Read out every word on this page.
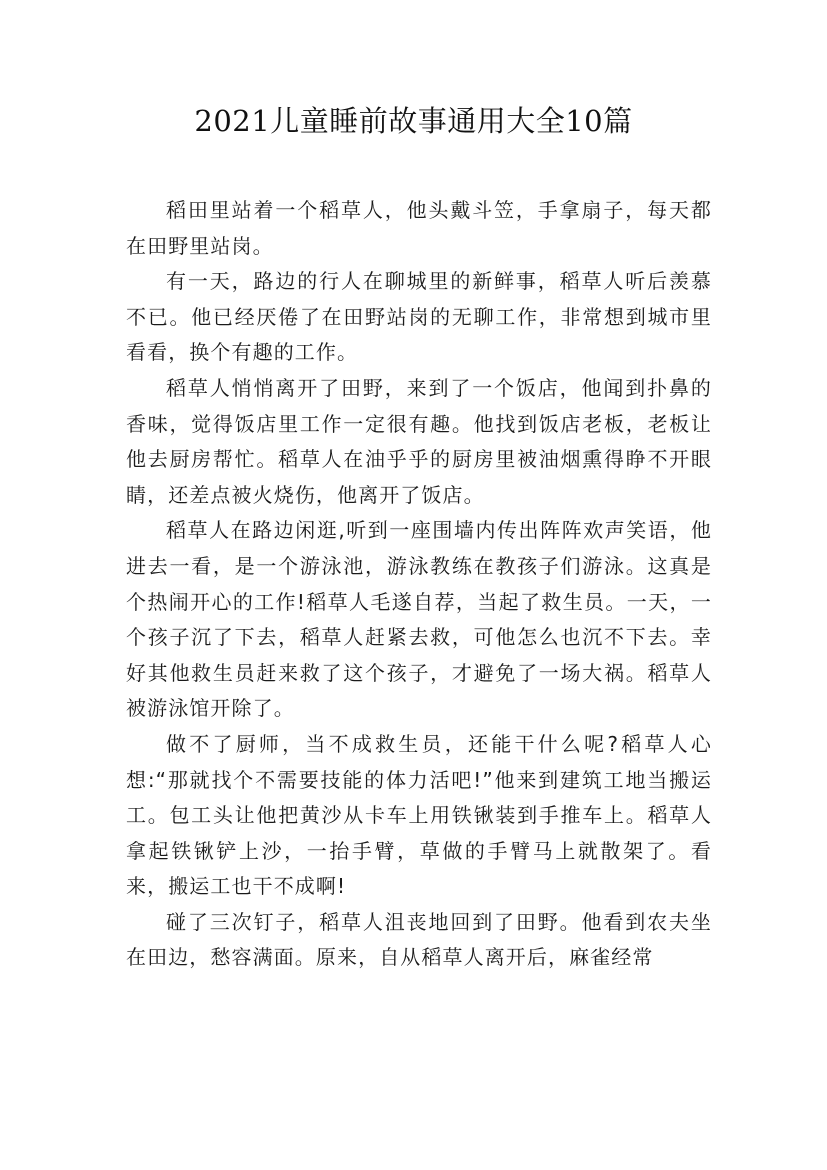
2021儿童睡前故事通用大全10篇

稻田里站着一个稻草人，他头戴斗笠，手拿扇子，每天都在田野里站岗。

有一天，路边的行人在聊城里的新鲜事，稻草人听后羡慕不已。他已经厌倦了在田野站岗的无聊工作，非常想到城市里看看，换个有趣的工作。

稻草人悄悄离开了田野，来到了一个饭店，他闻到扑鼻的香味，觉得饭店里工作一定很有趣。他找到饭店老板，老板让他去厨房帮忙。稻草人在油乎乎的厨房里被油烟熏得睁不开眼睛，还差点被火烧伤，他离开了饭店。

稻草人在路边闲逛,听到一座围墙内传出阵阵欢声笑语，他进去一看，是一个游泳池，游泳教练在教孩子们游泳。这真是个热闹开心的工作!稻草人毛遂自荐，当起了救生员。一天，一个孩子沉了下去，稻草人赶紧去救，可他怎么也沉不下去。幸好其他救生员赶来救了这个孩子，才避免了一场大祸。稻草人被游泳馆开除了。

做不了厨师，当不成救生员，还能干什么呢?稻草人心想:“那就找个不需要技能的体力活吧!”他来到建筑工地当搬运工。包工头让他把黄沙从卡车上用铁锹装到手推车上。稻草人拿起铁锹铲上沙，一抬手臂，草做的手臂马上就散架了。看来，搬运工也干不成啊!

碰了三次钉子，稻草人沮丧地回到了田野。他看到农夫坐在田边，愁容满面。原来，自从稻草人离开后，麻雀经常
